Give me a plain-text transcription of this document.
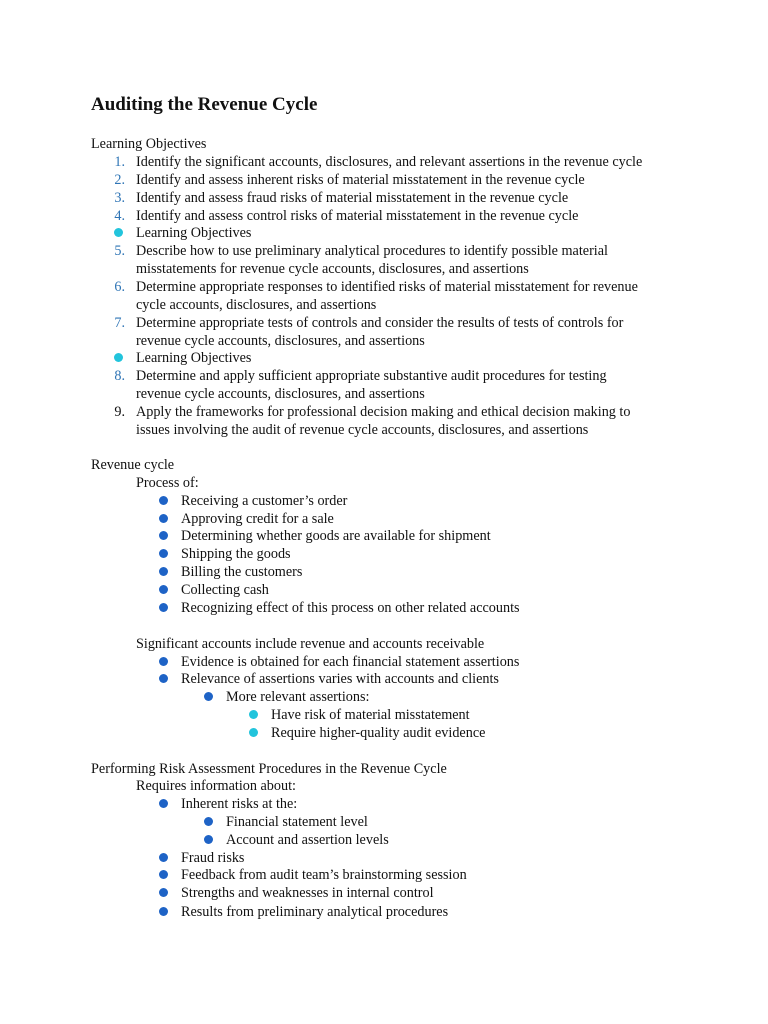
Auditing the Revenue Cycle

Learning Objectives

1. Identify the significant accounts, disclosures, and relevant assertions in the revenue cycle
2. Identify and assess inherent risks of material misstatement in the revenue cycle
3. Identify and assess fraud risks of material misstatement in the revenue cycle
4. Identify and assess control risks of material misstatement in the revenue cycle
Learning Objectives
5. Describe how to use preliminary analytical procedures to identify possible material
misstatements for revenue cycle accounts, disclosures, and assertions
6. Determine appropriate responses to identified risks of material misstatement for revenue
cycle accounts, disclosures, and assertions
7. Determine appropriate tests of controls and consider the results of tests of controls for
revenue cycle accounts, disclosures, and assertions
Learning Objectives
8. Determine and apply sufficient appropriate substantive audit procedures for testing
revenue cycle accounts, disclosures, and assertions
9. Apply the frameworks for professional decision making and ethical decision making to
issues involving the audit of revenue cycle accounts, disclosures, and assertions

Revenue cycle

Process of:
Receiving a customer’s order
Approving credit for a sale
Determining whether goods are available for shipment
Shipping the goods
Billing the customers
Collecting cash
Recognizing effect of this process on other related accounts
Significant accounts include revenue and accounts receivable
Evidence is obtained for each financial statement assertions
Relevance of assertions varies with accounts and clients
More relevant assertions:
Have risk of material misstatement
Require higher-quality audit evidence

Performing Risk Assessment Procedures in the Revenue Cycle

Requires information about:
Inherent risks at the:
Financial statement level
Account and assertion levels
Fraud risks
Feedback from audit team’s brainstorming session
Strengths and weaknesses in internal control
Results from preliminary analytical procedures
